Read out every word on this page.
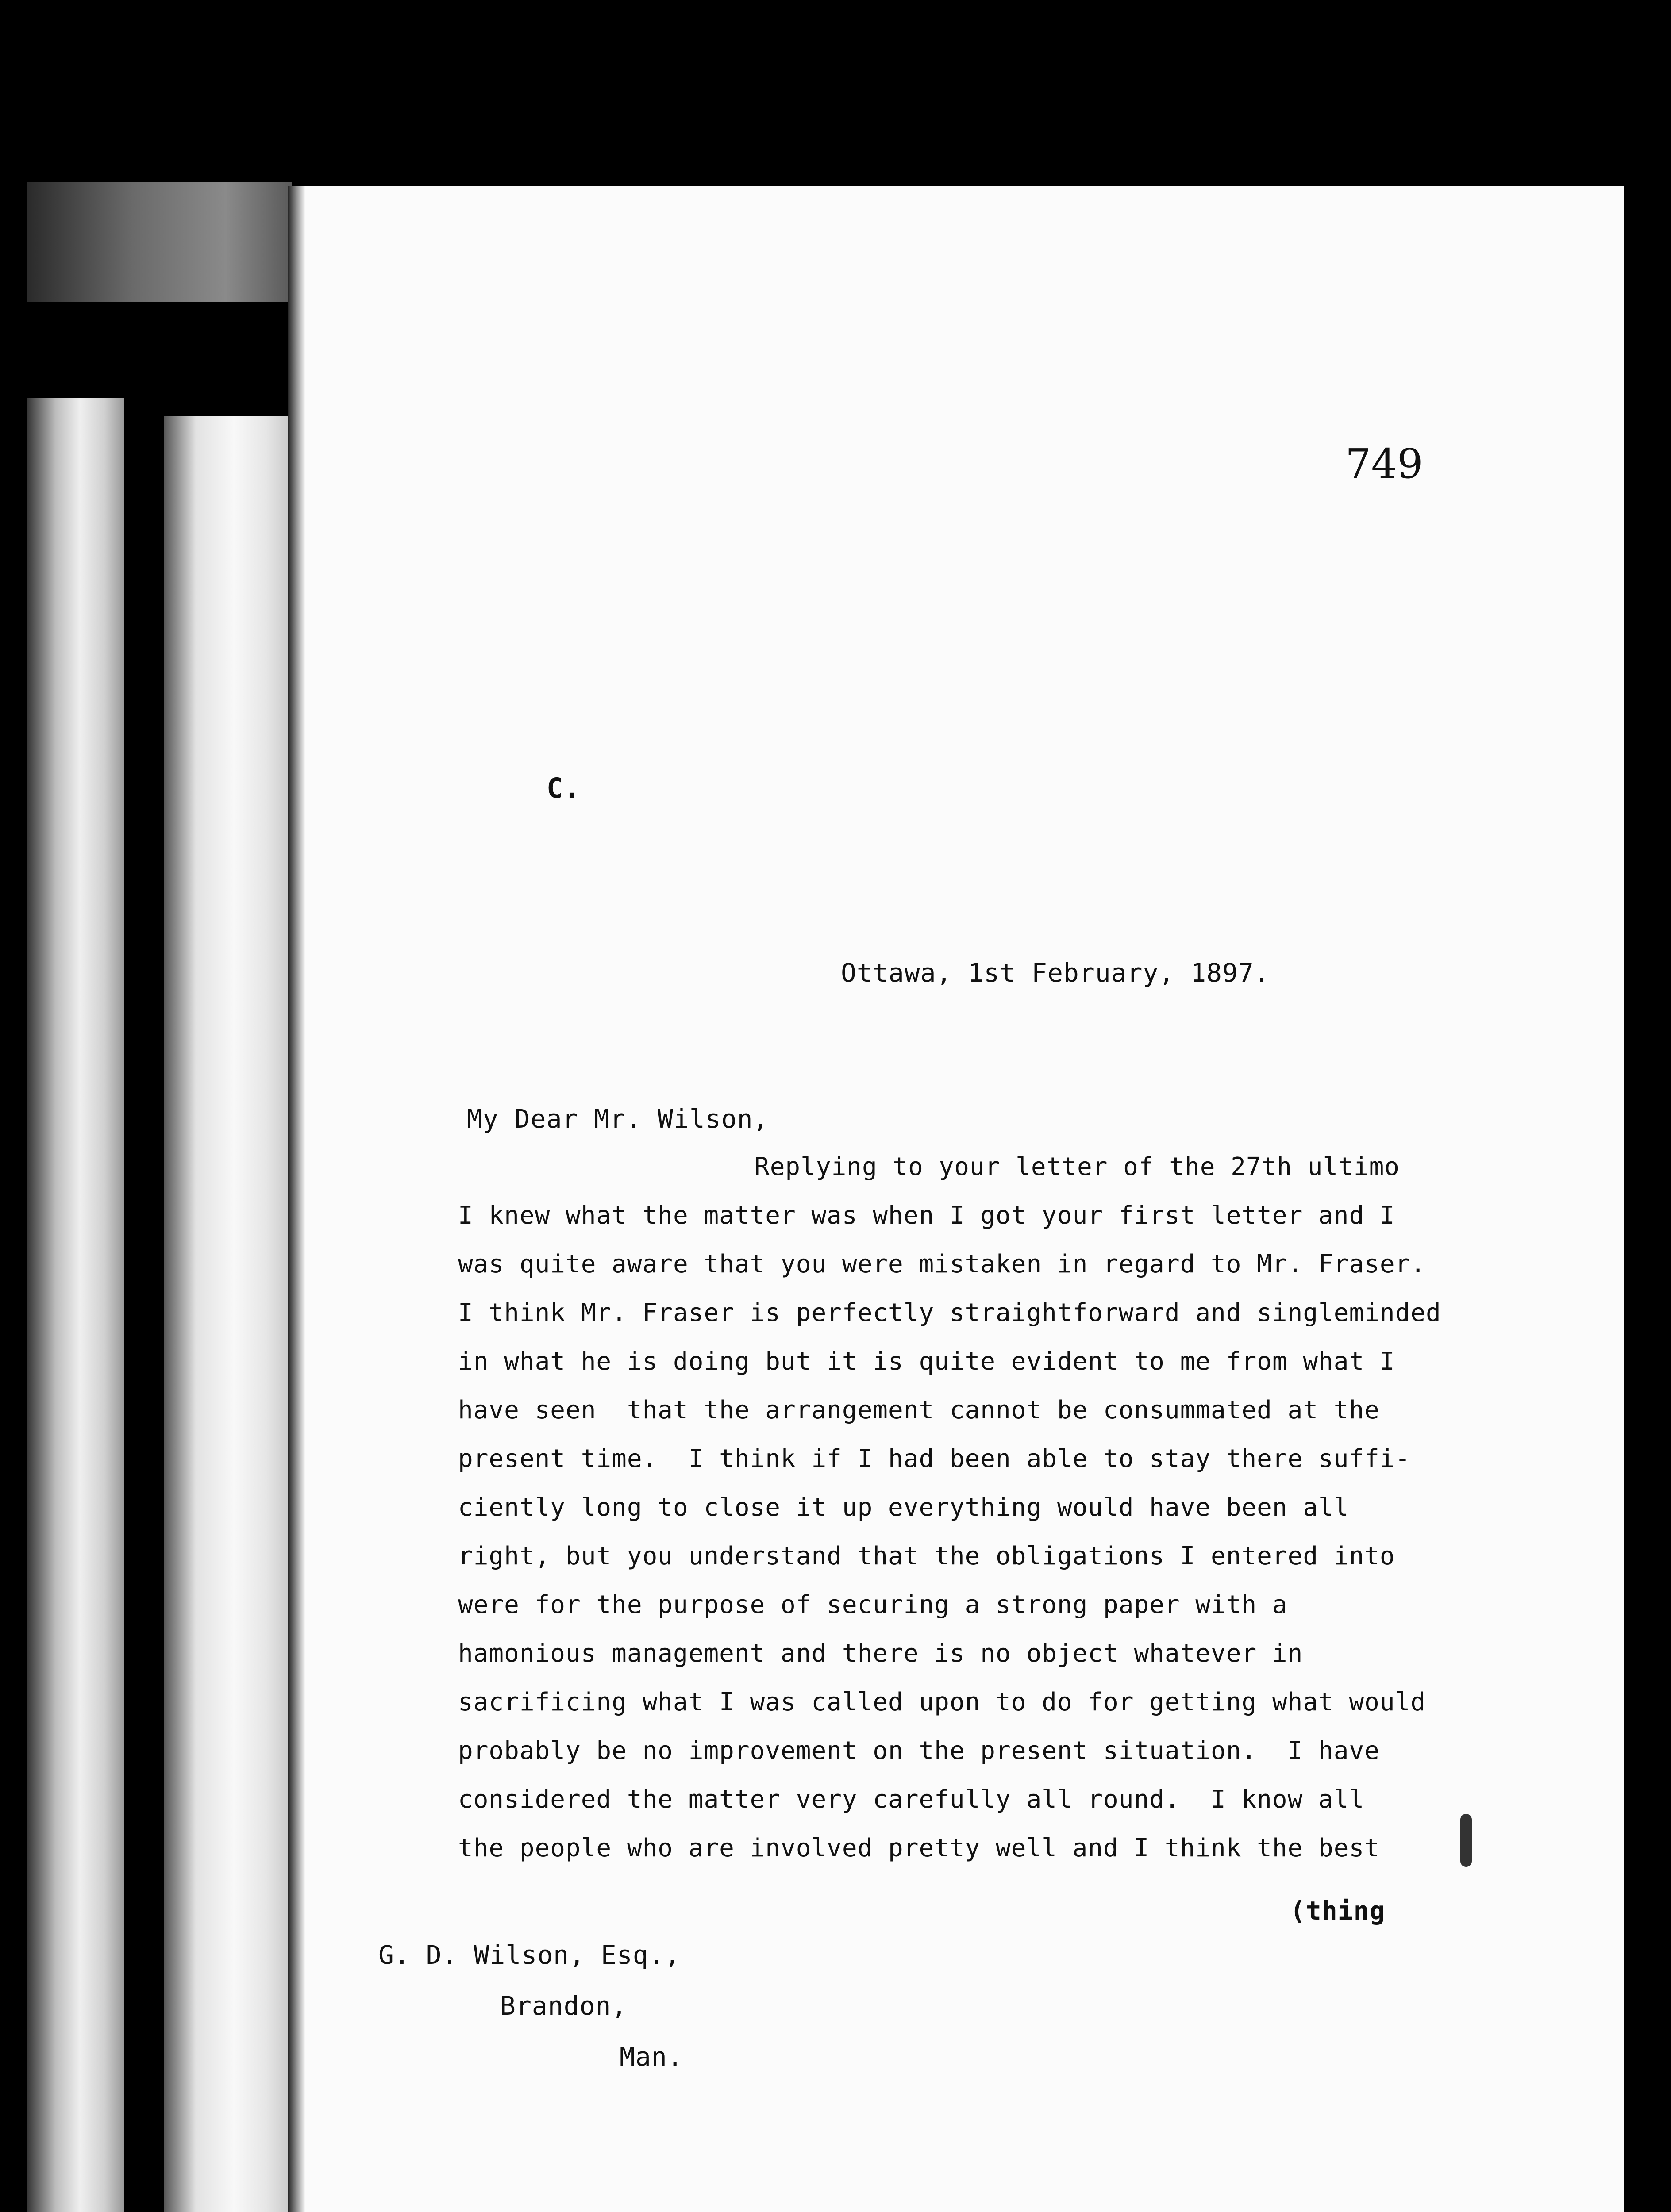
749
C.
Ottawa, 1st February, 1897.
My Dear Mr. Wilson,
Replying to your letter of the 27th ultimo
I knew what the matter was when I got your first letter and I
was quite aware that you were mistaken in regard to Mr. Fraser.
I think Mr. Fraser is perfectly straightforward and singleminded
in what he is doing but it is quite evident to me from what I
have seen  that the arrangement cannot be consummated at the
present time.  I think if I had been able to stay there suffi-
ciently long to close it up everything would have been all
right, but you understand that the obligations I entered into
were for the purpose of securing a strong paper with a
hamonious management and there is no object whatever in
sacrificing what I was called upon to do for getting what would
probably be no improvement on the present situation.  I have
considered the matter very carefully all round.  I know all
the people who are involved pretty well and I think the best
(thing
G. D. Wilson, Esq.,
Brandon,
Man.
